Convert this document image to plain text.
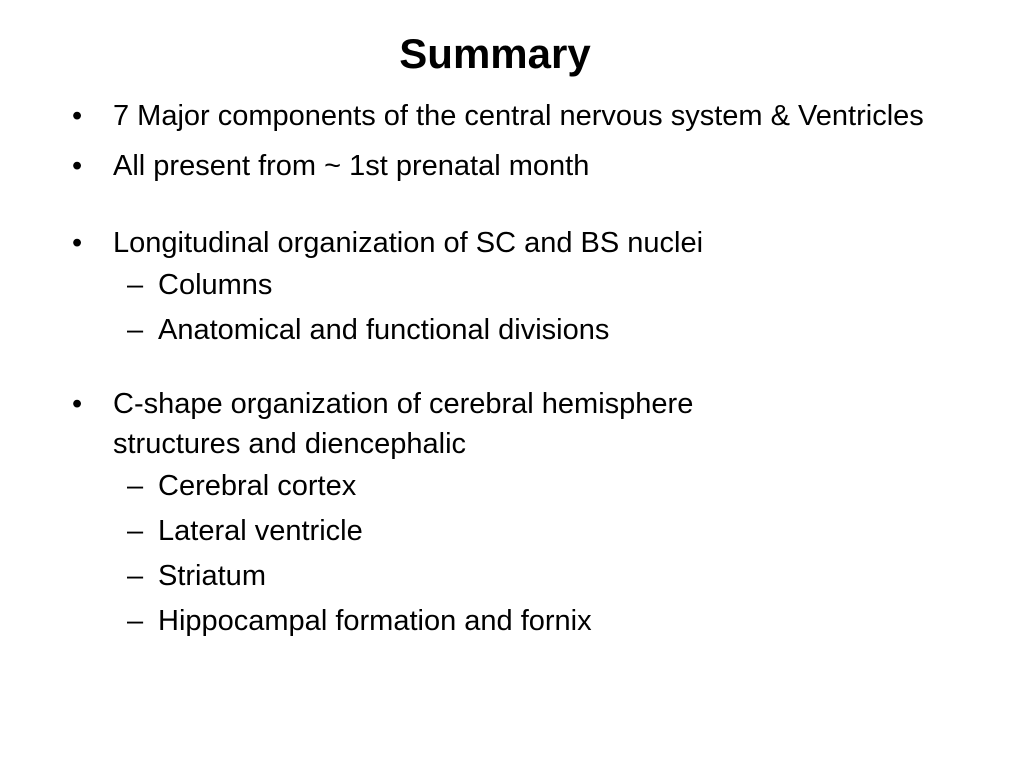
Summary
• 7 Major components of the central nervous system & Ventricles
• All present from ~ 1st prenatal month
• Longitudinal organization of SC and BS nuclei
– Columns
– Anatomical and functional divisions
• C-shape organization of cerebral hemisphere structures and diencephalic
– Cerebral cortex
– Lateral ventricle
– Striatum
– Hippocampal formation and fornix
